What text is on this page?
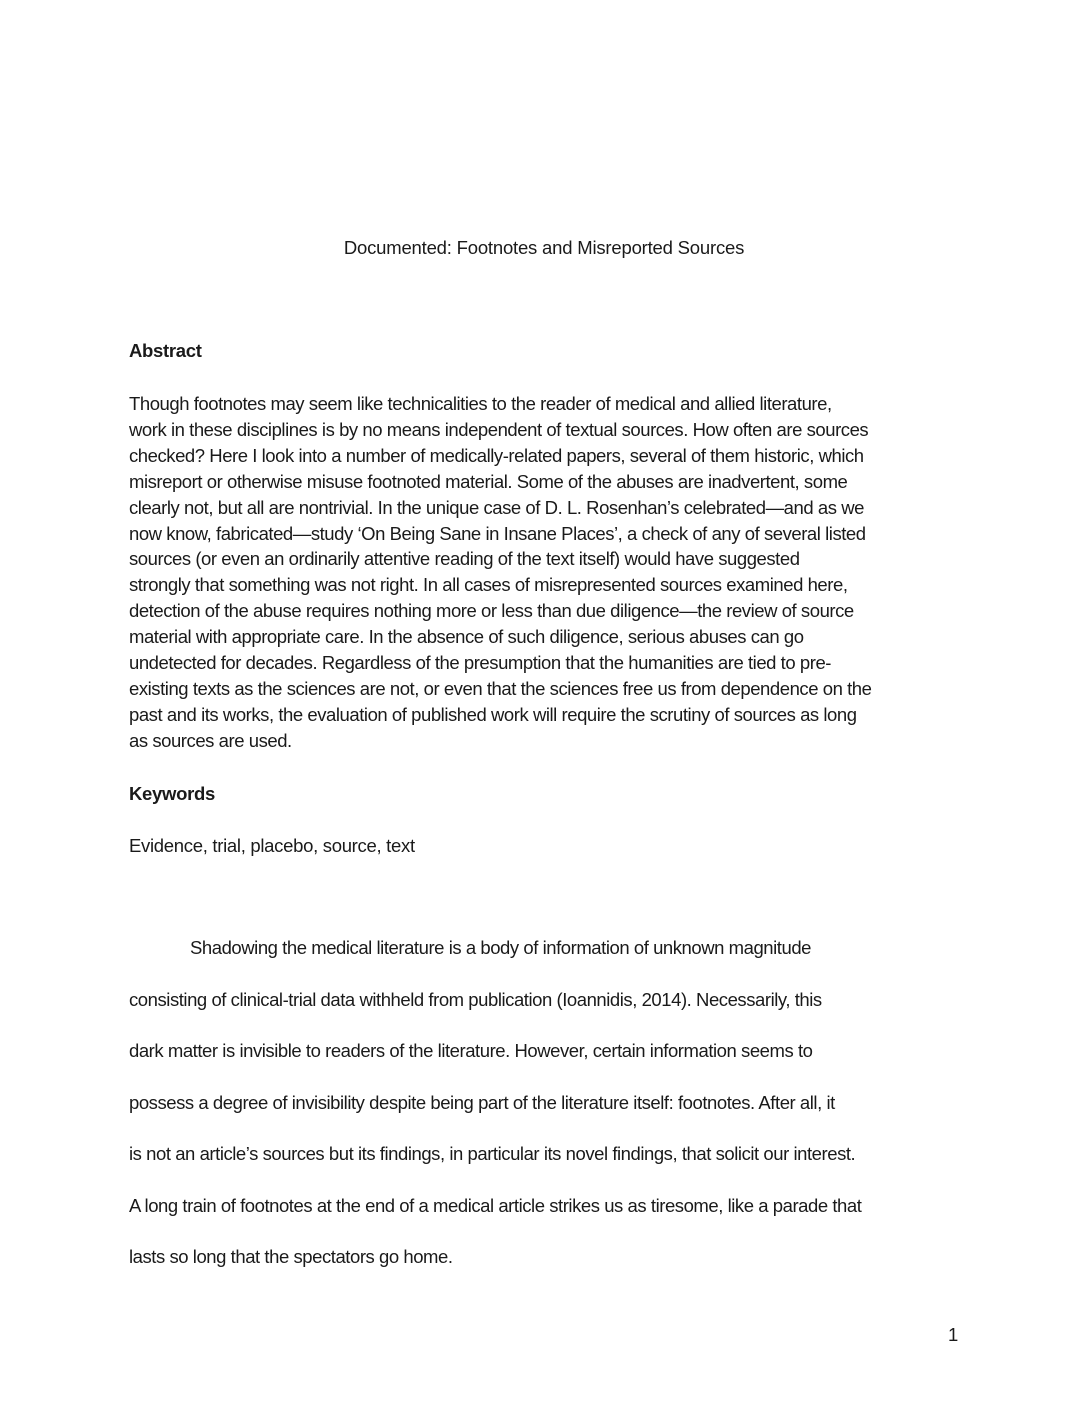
Documented: Footnotes and Misreported Sources
Abstract
Though footnotes may seem like technicalities to the reader of medical and allied literature,
work in these disciplines is by no means independent of textual sources. How often are sources
checked? Here I look into a number of medically-related papers, several of them historic, which
misreport or otherwise misuse footnoted material. Some of the abuses are inadvertent, some
clearly not, but all are nontrivial. In the unique case of D. L. Rosenhan’s celebrated—and as we
now know, fabricated—study ‘On Being Sane in Insane Places’, a check of any of several listed
sources (or even an ordinarily attentive reading of the text itself) would have suggested
strongly that something was not right. In all cases of misrepresented sources examined here,
detection of the abuse requires nothing more or less than due diligence—the review of source
material with appropriate care. In the absence of such diligence, serious abuses can go
undetected for decades. Regardless of the presumption that the humanities are tied to pre-
existing texts as the sciences are not, or even that the sciences free us from dependence on the
past and its works, the evaluation of published work will require the scrutiny of sources as long
as sources are used.
Keywords
Evidence, trial, placebo, source, text
Shadowing the medical literature is a body of information of unknown magnitude
consisting of clinical-trial data withheld from publication (Ioannidis, 2014). Necessarily, this
dark matter is invisible to readers of the literature. However, certain information seems to
possess a degree of invisibility despite being part of the literature itself: footnotes. After all, it
is not an article’s sources but its findings, in particular its novel findings, that solicit our interest.
A long train of footnotes at the end of a medical article strikes us as tiresome, like a parade that
lasts so long that the spectators go home.
1
